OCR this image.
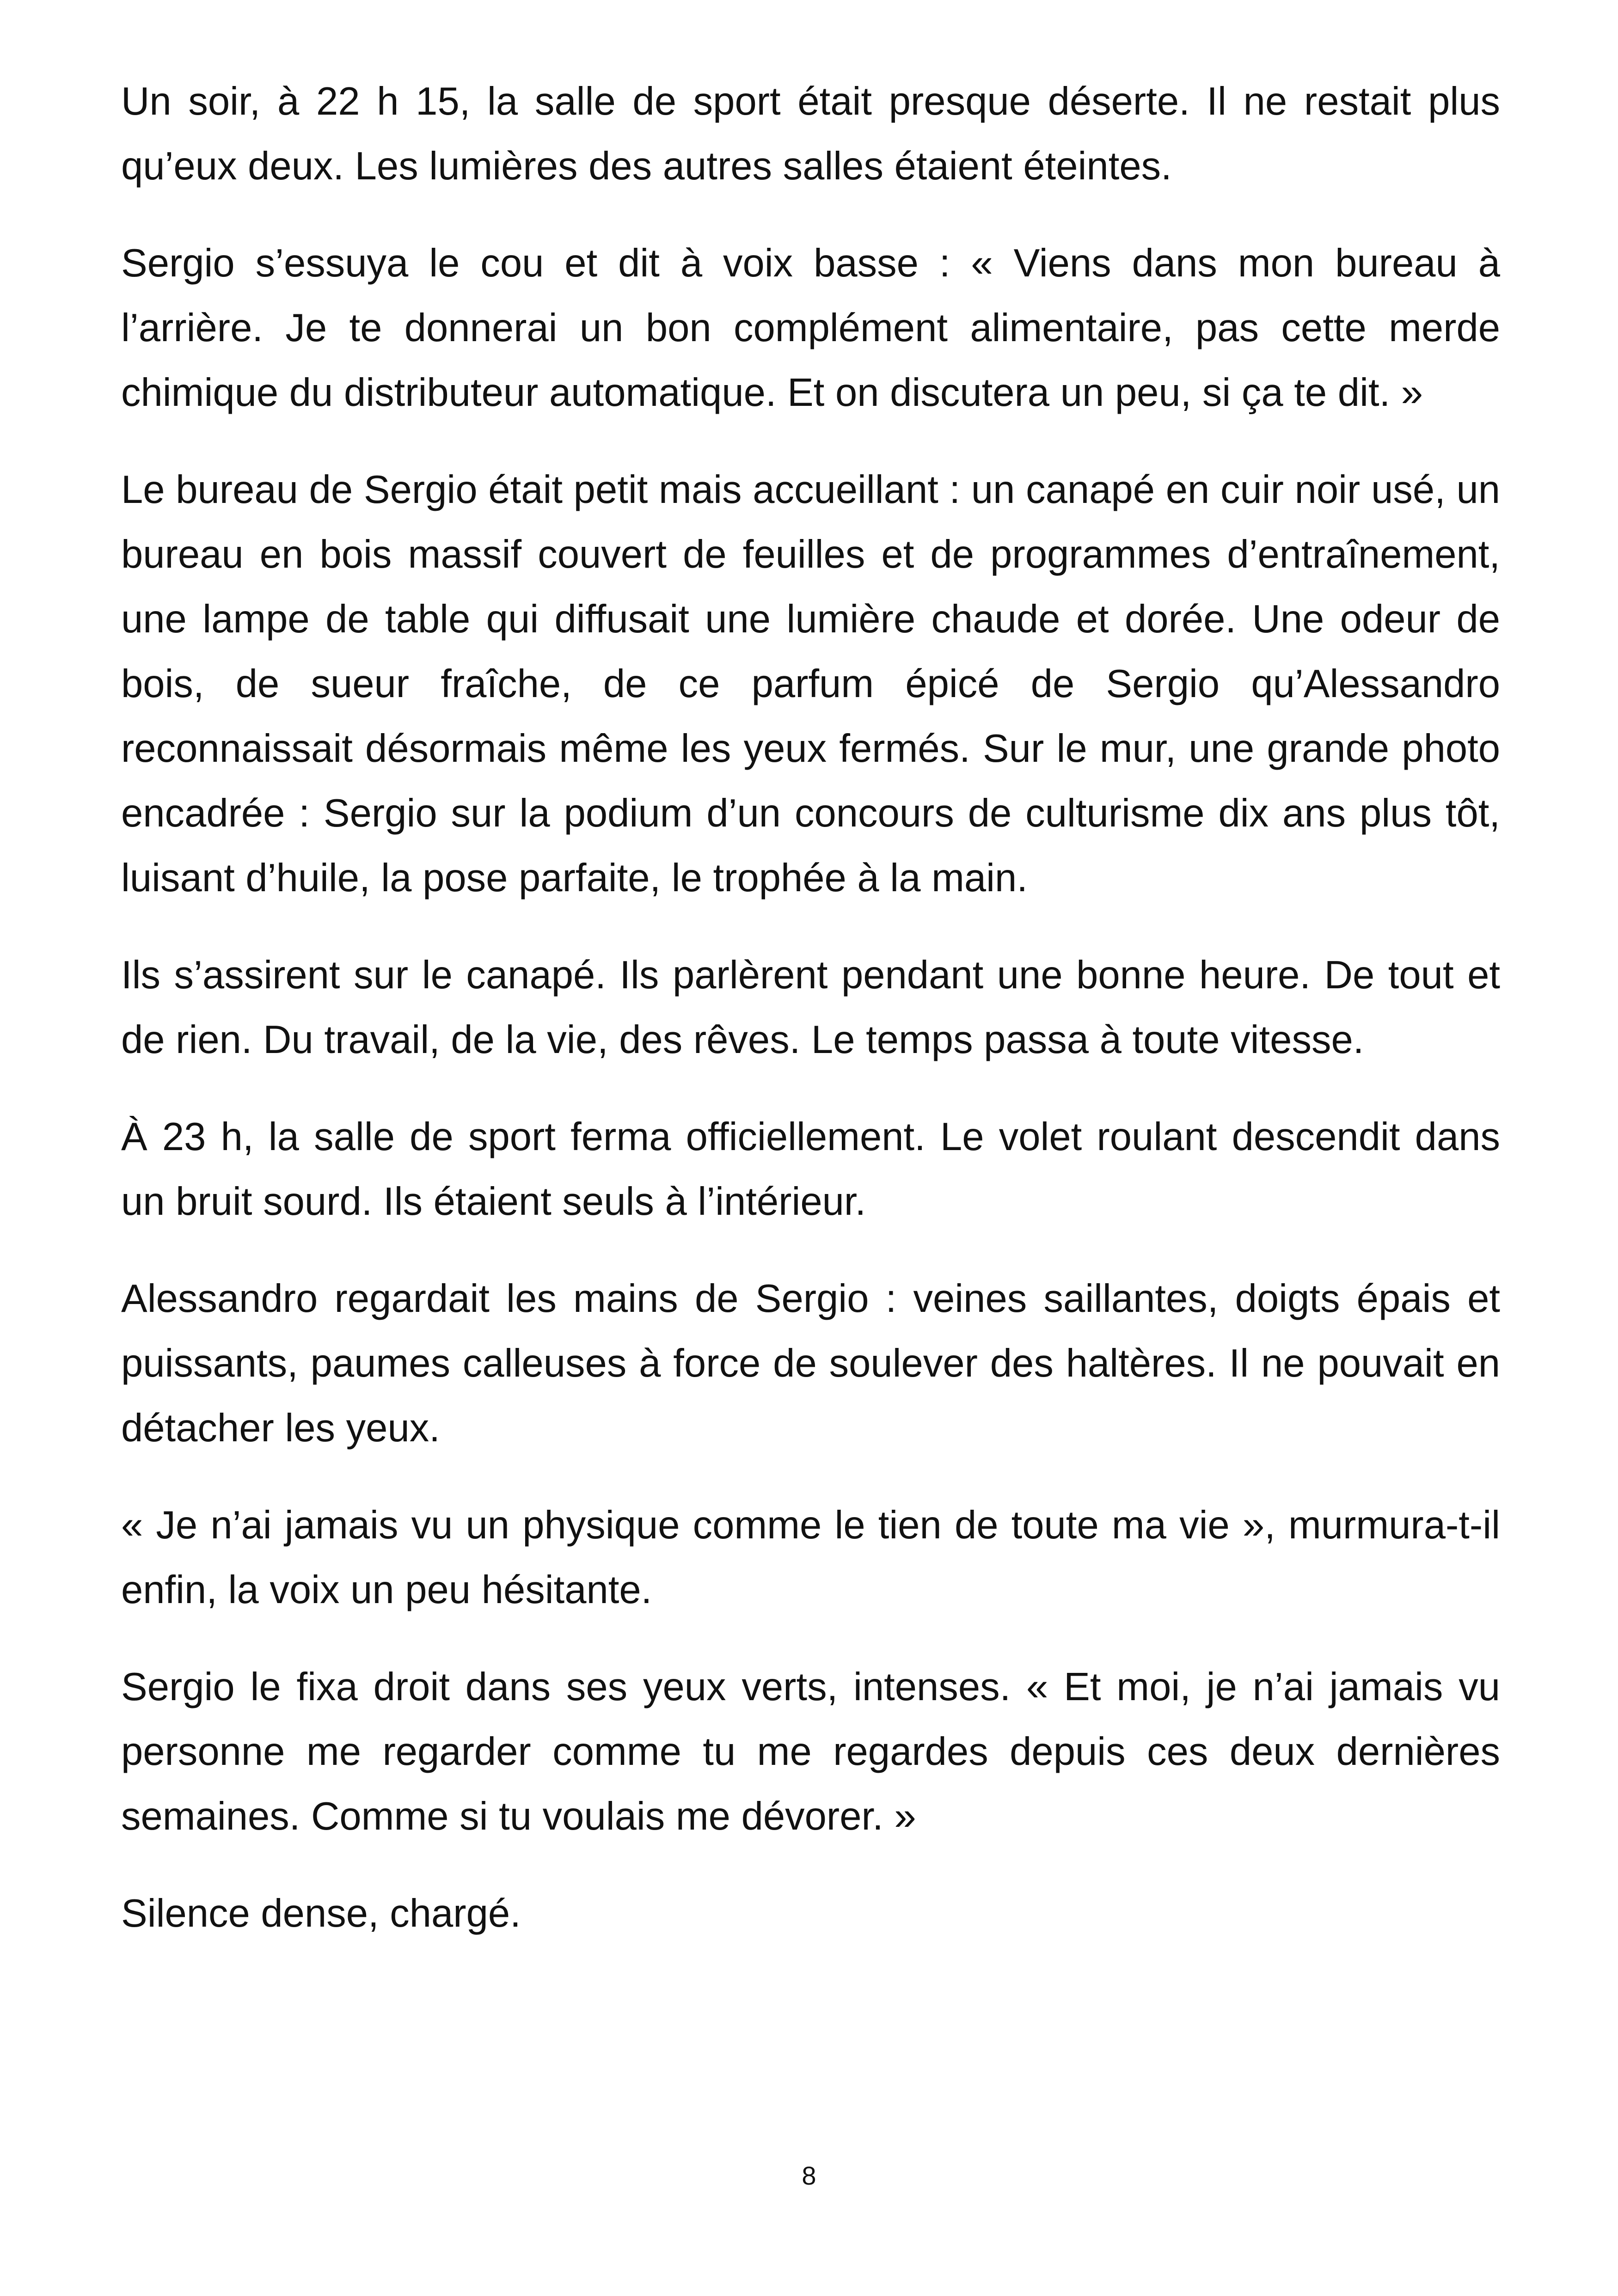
Un soir, à 22 h 15, la salle de sport était presque déserte. Il ne restait plus qu’eux deux. Les lumières des autres salles étaient éteintes.

Sergio s’essuya le cou et dit à voix basse : « Viens dans mon bureau à l’arrière. Je te donnerai un bon complément alimentaire, pas cette merde chimique du distributeur automatique. Et on discutera un peu, si ça te dit. »

Le bureau de Sergio était petit mais accueillant : un canapé en cuir noir usé, un bureau en bois massif couvert de feuilles et de programmes d’entraînement, une lampe de table qui diffusait une lumière chaude et dorée. Une odeur de bois, de sueur fraîche, de ce parfum épicé de Sergio qu’Alessandro reconnaissait désormais même les yeux fermés. Sur le mur, une grande photo encadrée : Sergio sur la podium d’un concours de culturisme dix ans plus tôt, luisant d’huile, la pose parfaite, le trophée à la main.

Ils s’assirent sur le canapé. Ils parlèrent pendant une bonne heure. De tout et de rien. Du travail, de la vie, des rêves. Le temps passa à toute vitesse.

À 23 h, la salle de sport ferma officiellement. Le volet roulant descendit dans un bruit sourd. Ils étaient seuls à l’intérieur.

Alessandro regardait les mains de Sergio : veines saillantes, doigts épais et puissants, paumes calleuses à force de soulever des haltères. Il ne pouvait en détacher les yeux.

« Je n’ai jamais vu un physique comme le tien de toute ma vie », murmura-t-il enfin, la voix un peu hésitante.

Sergio le fixa droit dans ses yeux verts, intenses. « Et moi, je n’ai jamais vu personne me regarder comme tu me regardes depuis ces deux dernières semaines. Comme si tu voulais me dévorer. »

Silence dense, chargé.

8
